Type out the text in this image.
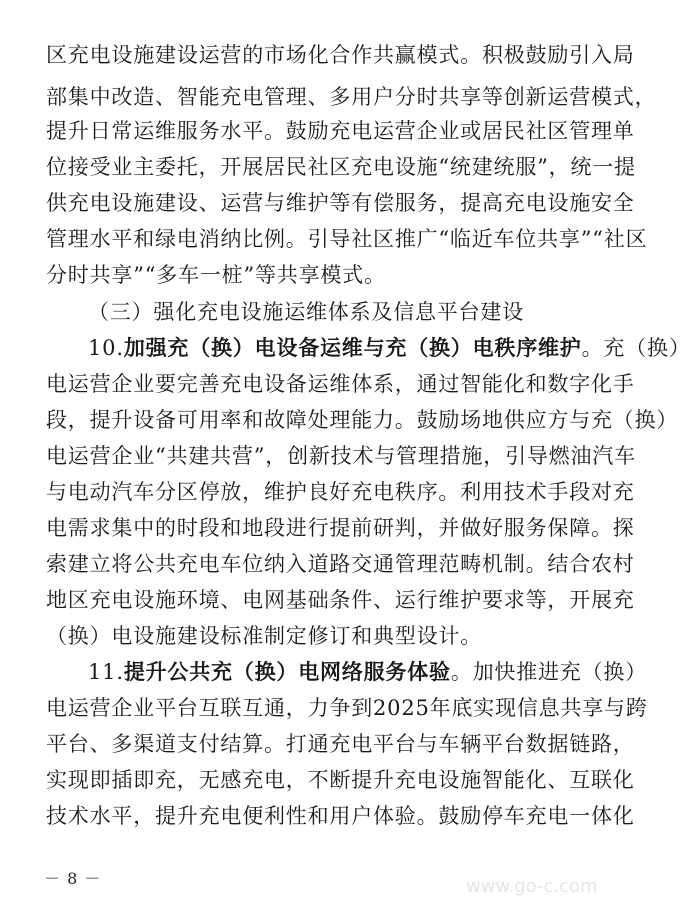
区充电设施建设运营的市场化合作共赢模式。积极鼓励引入局
部集中改造、智能充电管理、多用户分时共享等创新运营模式，
提升日常运维服务水平。鼓励充电运营企业或居民社区管理单
位接受业主委托，开展居民社区充电设施“统建统服”，统一提
供充电设施建设、运营与维护等有偿服务，提高充电设施安全
管理水平和绿电消纳比例。引导社区推广“临近车位共享”“社区
分时共享”“多车一桩”等共享模式。
（三）强化充电设施运维体系及信息平台建设
10.加强充（换）电设备运维与充（换）电秩序维护。充（换）
电运营企业要完善充电设备运维体系，通过智能化和数字化手
段，提升设备可用率和故障处理能力。鼓励场地供应方与充（换）
电运营企业“共建共营”，创新技术与管理措施，引导燃油汽车
与电动汽车分区停放，维护良好充电秩序。利用技术手段对充
电需求集中的时段和地段进行提前研判，并做好服务保障。探
索建立将公共充电车位纳入道路交通管理范畴机制。结合农村
地区充电设施环境、电网基础条件、运行维护要求等，开展充
（换）电设施建设标准制定修订和典型设计。
11.提升公共充（换）电网络服务体验。加快推进充（换）
电运营企业平台互联互通，力争到2025年底实现信息共享与跨
平台、多渠道支付结算。打通充电平台与车辆平台数据链路，
实现即插即充，无感充电，不断提升充电设施智能化、互联化
技术水平，提升充电便利性和用户体验。鼓励停车充电一体化
－ 8 －	www.go-c.com
